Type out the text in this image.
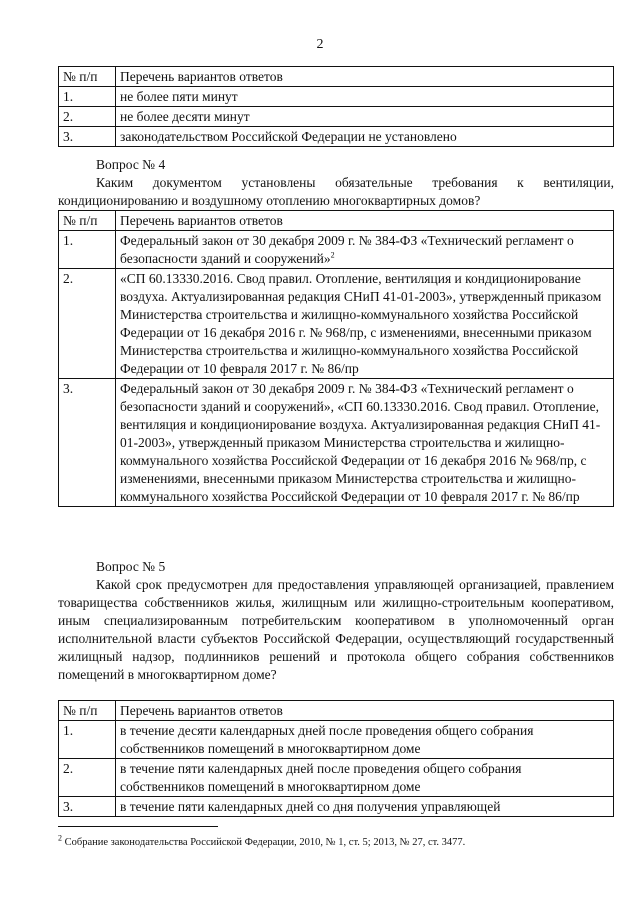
2
№ п/п	Перечень вариантов ответов
1.	не более пяти минут
2.	не более десяти минут
3.	законодательством Российской Федерации не установлено
Вопрос № 4
Каким документом установлены обязательные требования к вентиляции, кондиционированию и воздушному отоплению многоквартирных домов?
№ п/п	Перечень вариантов ответов
1.	Федеральный закон от 30 декабря 2009 г. № 384-ФЗ «Технический регламент о безопасности зданий и сооружений»$^2$
2.	«СП 60.13330.2016. Свод правил. Отопление, вентиляция и кондиционирование воздуха. Актуализированная редакция СНиП 41-01-2003», утвержденный приказом Министерства строительства и жилищно-коммунального хозяйства Российской Федерации от 16 декабря 2016 г. № 968/пр, с изменениями, внесенными приказом Министерства строительства и жилищно-коммунального хозяйства Российской Федерации от 10 февраля 2017 г. № 86/пр
3.	Федеральный закон от 30 декабря 2009 г. № 384-ФЗ «Технический регламент о безопасности зданий и сооружений», «СП 60.13330.2016. Свод правил. Отопление, вентиляция и кондиционирование воздуха. Актуализированная редакция СНиП 41-01-2003», утвержденный приказом Министерства строительства и жилищно-коммунального хозяйства Российской Федерации от 16 декабря 2016 № 968/пр, с изменениями, внесенными приказом Министерства строительства и жилищно-коммунального хозяйства Российской Федерации от 10 февраля 2017 г. № 86/пр
Вопрос № 5
Какой срок предусмотрен для предоставления управляющей организацией, правлением товарищества собственников жилья, жилищным или жилищно-строительным кооперативом, иным специализированным потребительским кооперативом в уполномоченный орган исполнительной власти субъектов Российской Федерации, осуществляющий государственный жилищный надзор, подлинников решений и протокола общего собрания собственников помещений в многоквартирном доме?
№ п/п	Перечень вариантов ответов
1.	в течение десяти календарных дней после проведения общего собрания собственников помещений в многоквартирном доме
2.	в течение пяти календарных дней после проведения общего собрания собственников помещений в многоквартирном доме
3.	в течение пяти календарных дней со дня получения управляющей
$^2$ Собрание законодательства Российской Федерации, 2010, № 1, ст. 5; 2013, № 27, ст. 3477.
